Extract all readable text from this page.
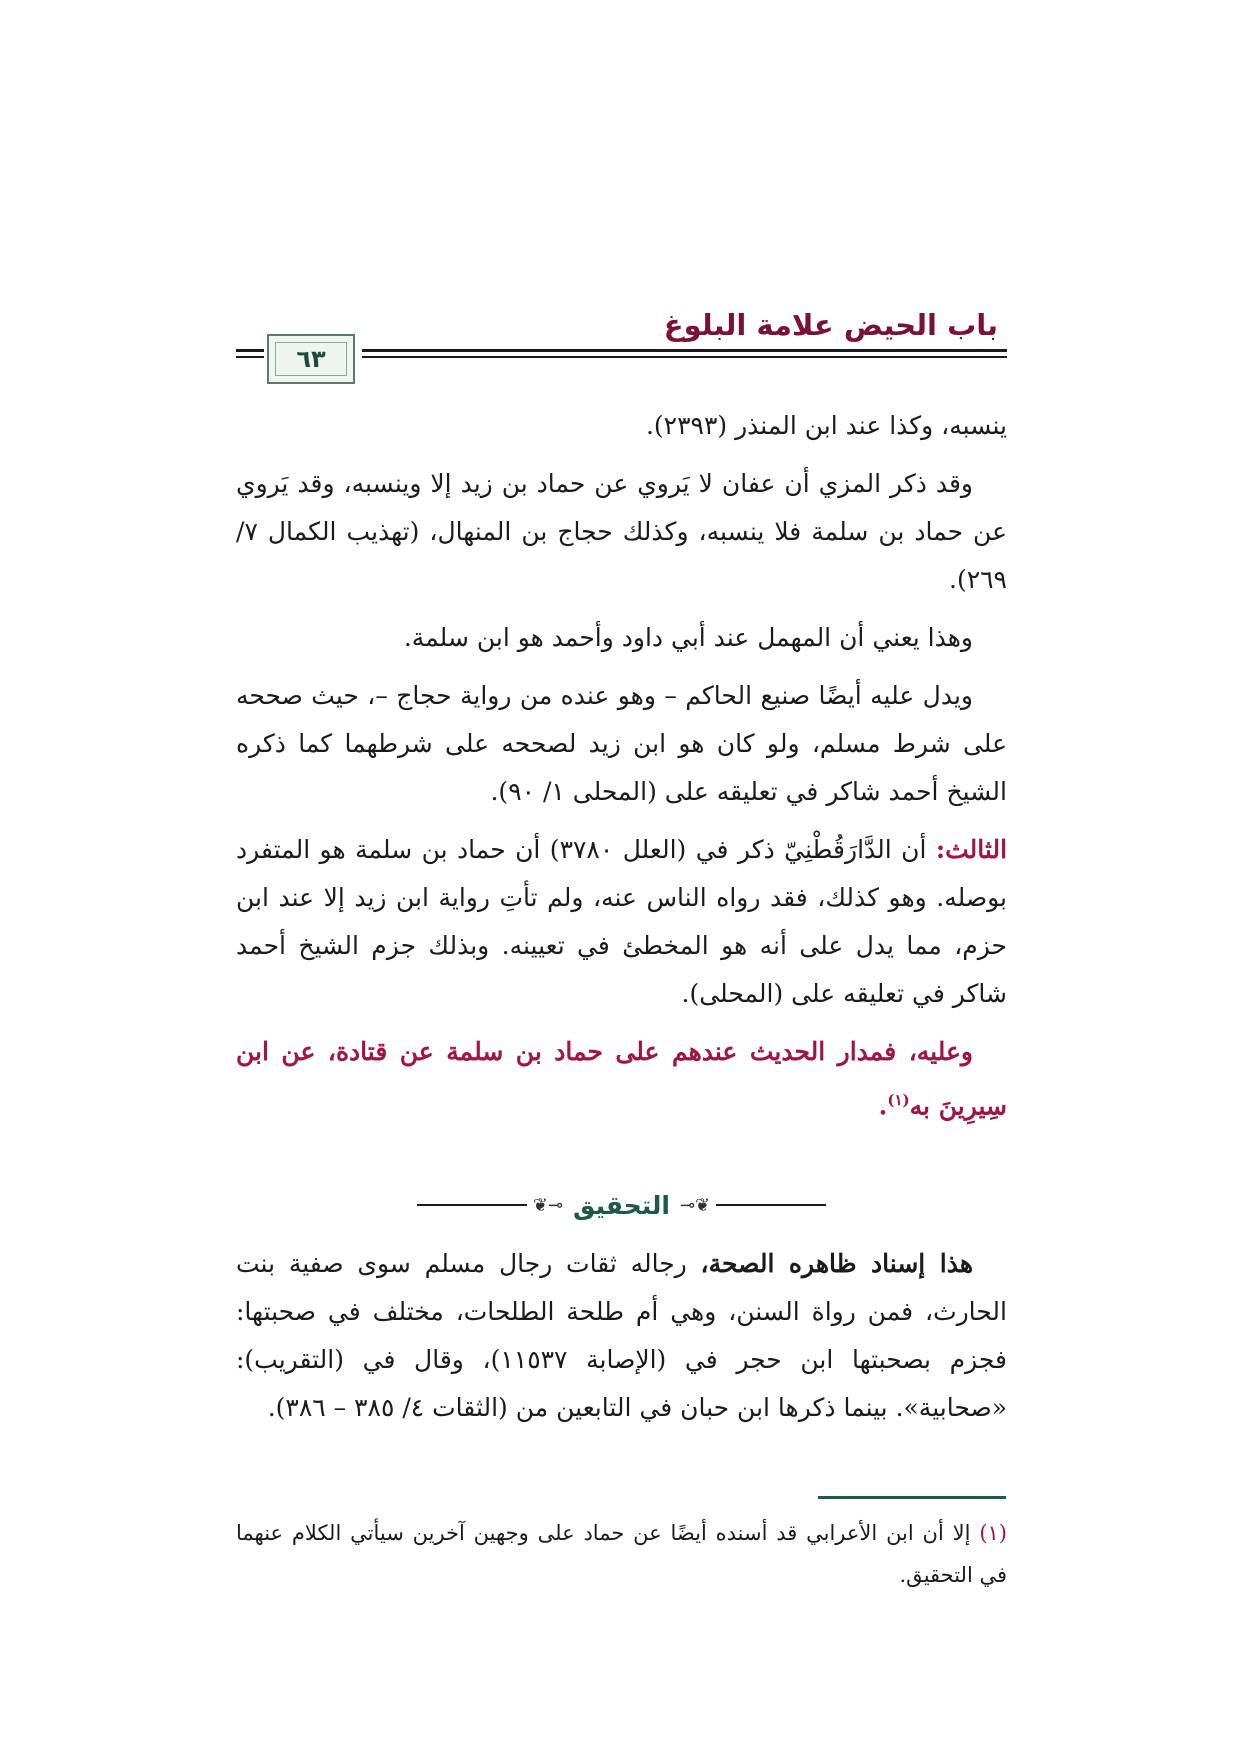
باب الحيض علامة البلوغ
٦٣

ينسبه، وكذا عند ابن المنذر (٢٣٩٣).

وقد ذكر المزي أن عفان لا يَروي عن حماد بن زيد إلا وينسبه، وقد يَروي عن حماد بن سلمة فلا ينسبه، وكذلك حجاج بن المنهال، (تهذيب الكمال ٧/ ٢٦٩).

وهذا يعني أن المهمل عند أبي داود وأحمد هو ابن سلمة.

ويدل عليه أيضًا صنيع الحاكم – وهو عنده من رواية حجاج –، حيث صححه على شرط مسلم، ولو كان هو ابن زيد لصححه على شرطهما كما ذكره الشيخ أحمد شاكر في تعليقه على (المحلى ١/ ٩٠).

الثالث: أن الدَّارَقُطْنِيّ ذكر في (العلل ٣٧٨٠) أن حماد بن سلمة هو المتفرد بوصله. وهو كذلك، فقد رواه الناس عنه، ولم تأتِ رواية ابن زيد إلا عند ابن حزم، مما يدل على أنه هو المخطئ في تعيينه. وبذلك جزم الشيخ أحمد شاكر في تعليقه على (المحلى).

وعليه، فمدار الحديث عندهم على حماد بن سلمة عن قتادة، عن ابن سِيرِينَ به$^{(١)}$.

❦⊸
التحقيق
⟜❦

هذا إسناد ظاهره الصحة، رجاله ثقات رجال مسلم سوى صفية بنت الحارث، فمن رواة السنن، وهي أم طلحة الطلحات، مختلف في صحبتها: فجزم بصحبتها ابن حجر في (الإصابة ١١٥٣٧)، وقال في (التقريب): «صحابية». بينما ذكرها ابن حبان في التابعين من (الثقات ٤/ ٣٨٥ – ٣٨٦).

(١) إلا أن ابن الأعرابي قد أسنده أيضًا عن حماد على وجهين آخرين سيأتي الكلام عنهما في التحقيق.
